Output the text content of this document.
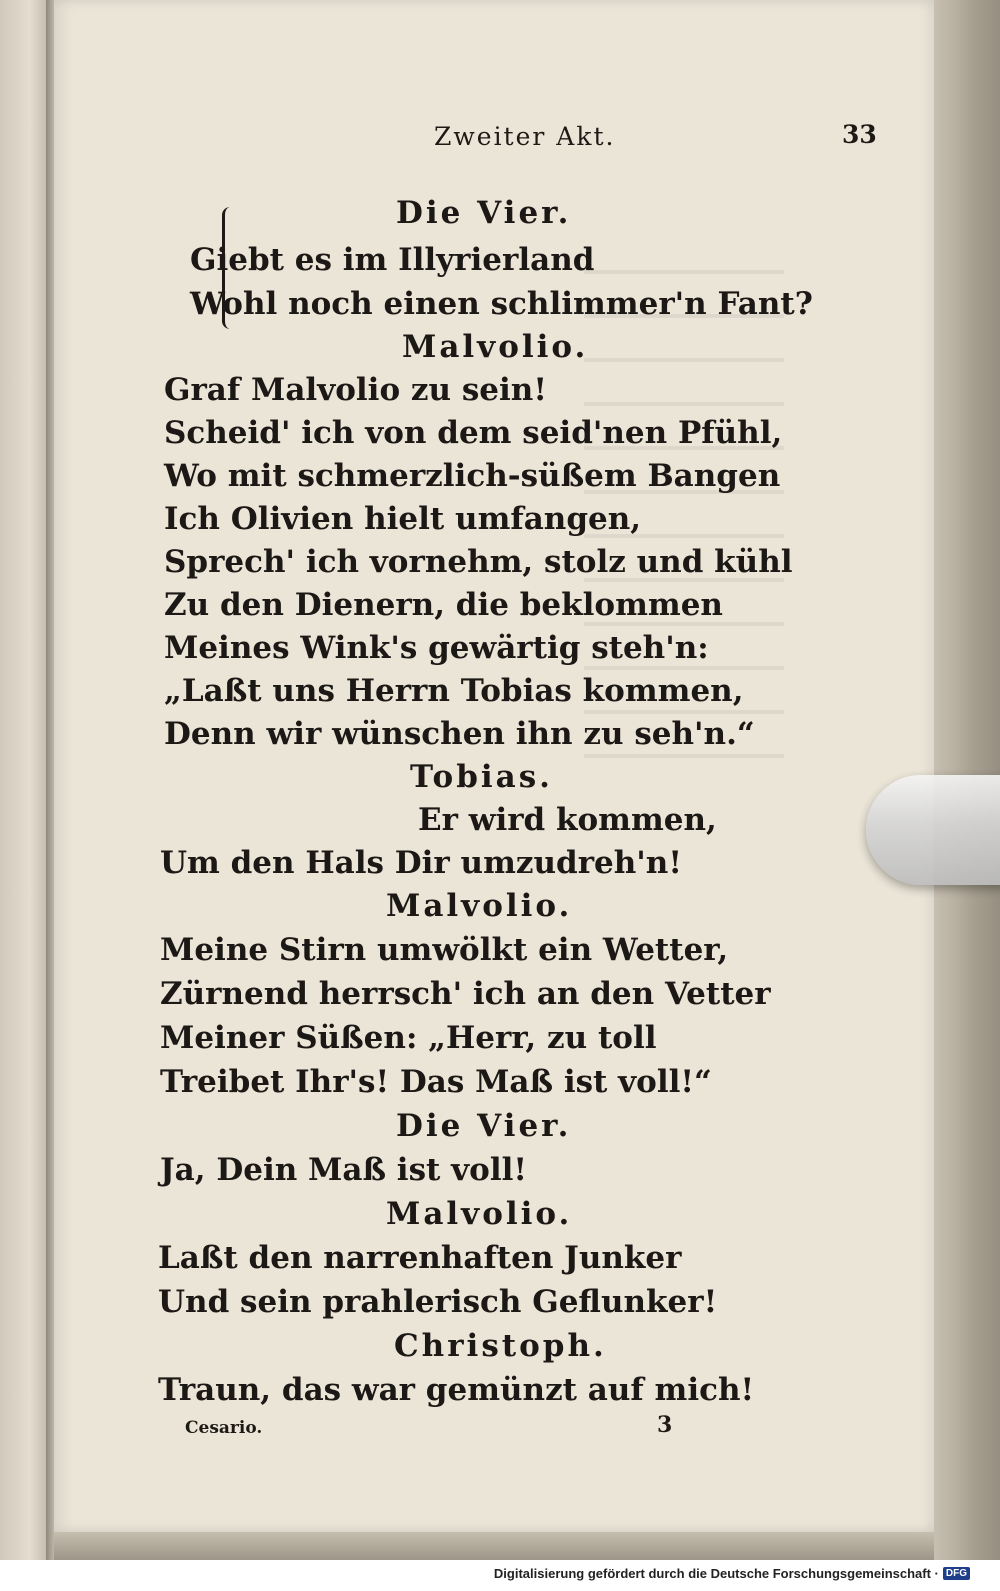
Zweiter Akt.	33

Die Vier.

Giebt es im Illyrierland

Wohl noch einen schlimmer'n Fant?

Malvolio.

Graf Malvolio zu sein!

Scheid' ich von dem seid'nen Pfühl,

Wo mit schmerzlich-süßem Bangen

Ich Olivien hielt umfangen,

Sprech' ich vornehm, stolz und kühl

Zu den Dienern, die beklommen

Meines Wink's gewärtig steh'n:

„Laßt uns Herrn Tobias kommen,

Denn wir wünschen ihn zu seh'n.“

Tobias.

Er wird kommen,

Um den Hals Dir umzudreh'n!

Malvolio.

Meine Stirn umwölkt ein Wetter,

Zürnend herrsch' ich an den Vetter

Meiner Süßen: „Herr, zu toll

Treibet Ihr's! Das Maß ist voll!“

Die Vier.

Ja, Dein Maß ist voll!

Malvolio.

Laßt den narrenhaften Junker

Und sein prahlerisch Geflunker!

Christoph.

Traun, das war gemünzt auf mich!

Cesario.	3
Digitalisierung gefördert durch die Deutsche Forschungsgemeinschaft · DFG
